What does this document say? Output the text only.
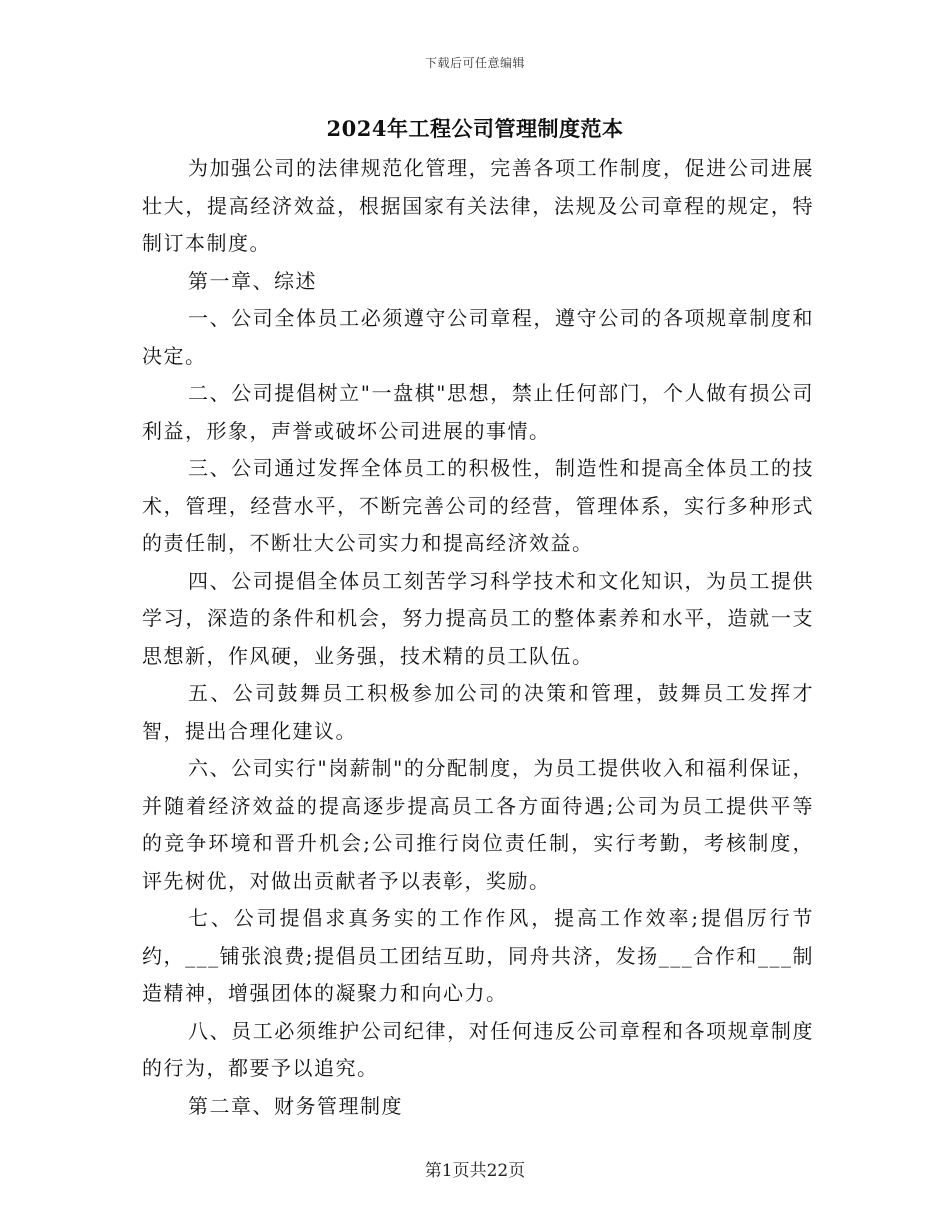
下载后可任意编辑
2024年工程公司管理制度范本

为加强公司的法律规范化管理，完善各项工作制度，促进公司进展壮大，提高经济效益，根据国家有关法律，法规及公司章程的规定，特制订本制度。

第一章、综述

一、公司全体员工必须遵守公司章程，遵守公司的各项规章制度和决定。

二、公司提倡树立"一盘棋"思想，禁止任何部门，个人做有损公司利益，形象，声誉或破坏公司进展的事情。

三、公司通过发挥全体员工的积极性，制造性和提高全体员工的技术，管理，经营水平，不断完善公司的经营，管理体系，实行多种形式的责任制，不断壮大公司实力和提高经济效益。

四、公司提倡全体员工刻苦学习科学技术和文化知识，为员工提供学习，深造的条件和机会，努力提高员工的整体素养和水平，造就一支思想新，作风硬，业务强，技术精的员工队伍。

五、公司鼓舞员工积极参加公司的决策和管理，鼓舞员工发挥才智，提出合理化建议。

六、公司实行"岗薪制"的分配制度，为员工提供收入和福利保证，并随着经济效益的提高逐步提高员工各方面待遇;公司为员工提供平等的竞争环境和晋升机会;公司推行岗位责任制，实行考勤，考核制度，评先树优，对做出贡献者予以表彰，奖励。

七、公司提倡求真务实的工作作风，提高工作效率;提倡厉行节约，___铺张浪费;提倡员工团结互助，同舟共济，发扬___合作和___制造精神，增强团体的凝聚力和向心力。

八、员工必须维护公司纪律，对任何违反公司章程和各项规章制度的行为，都要予以追究。

第二章、财务管理制度

第1页共22页
